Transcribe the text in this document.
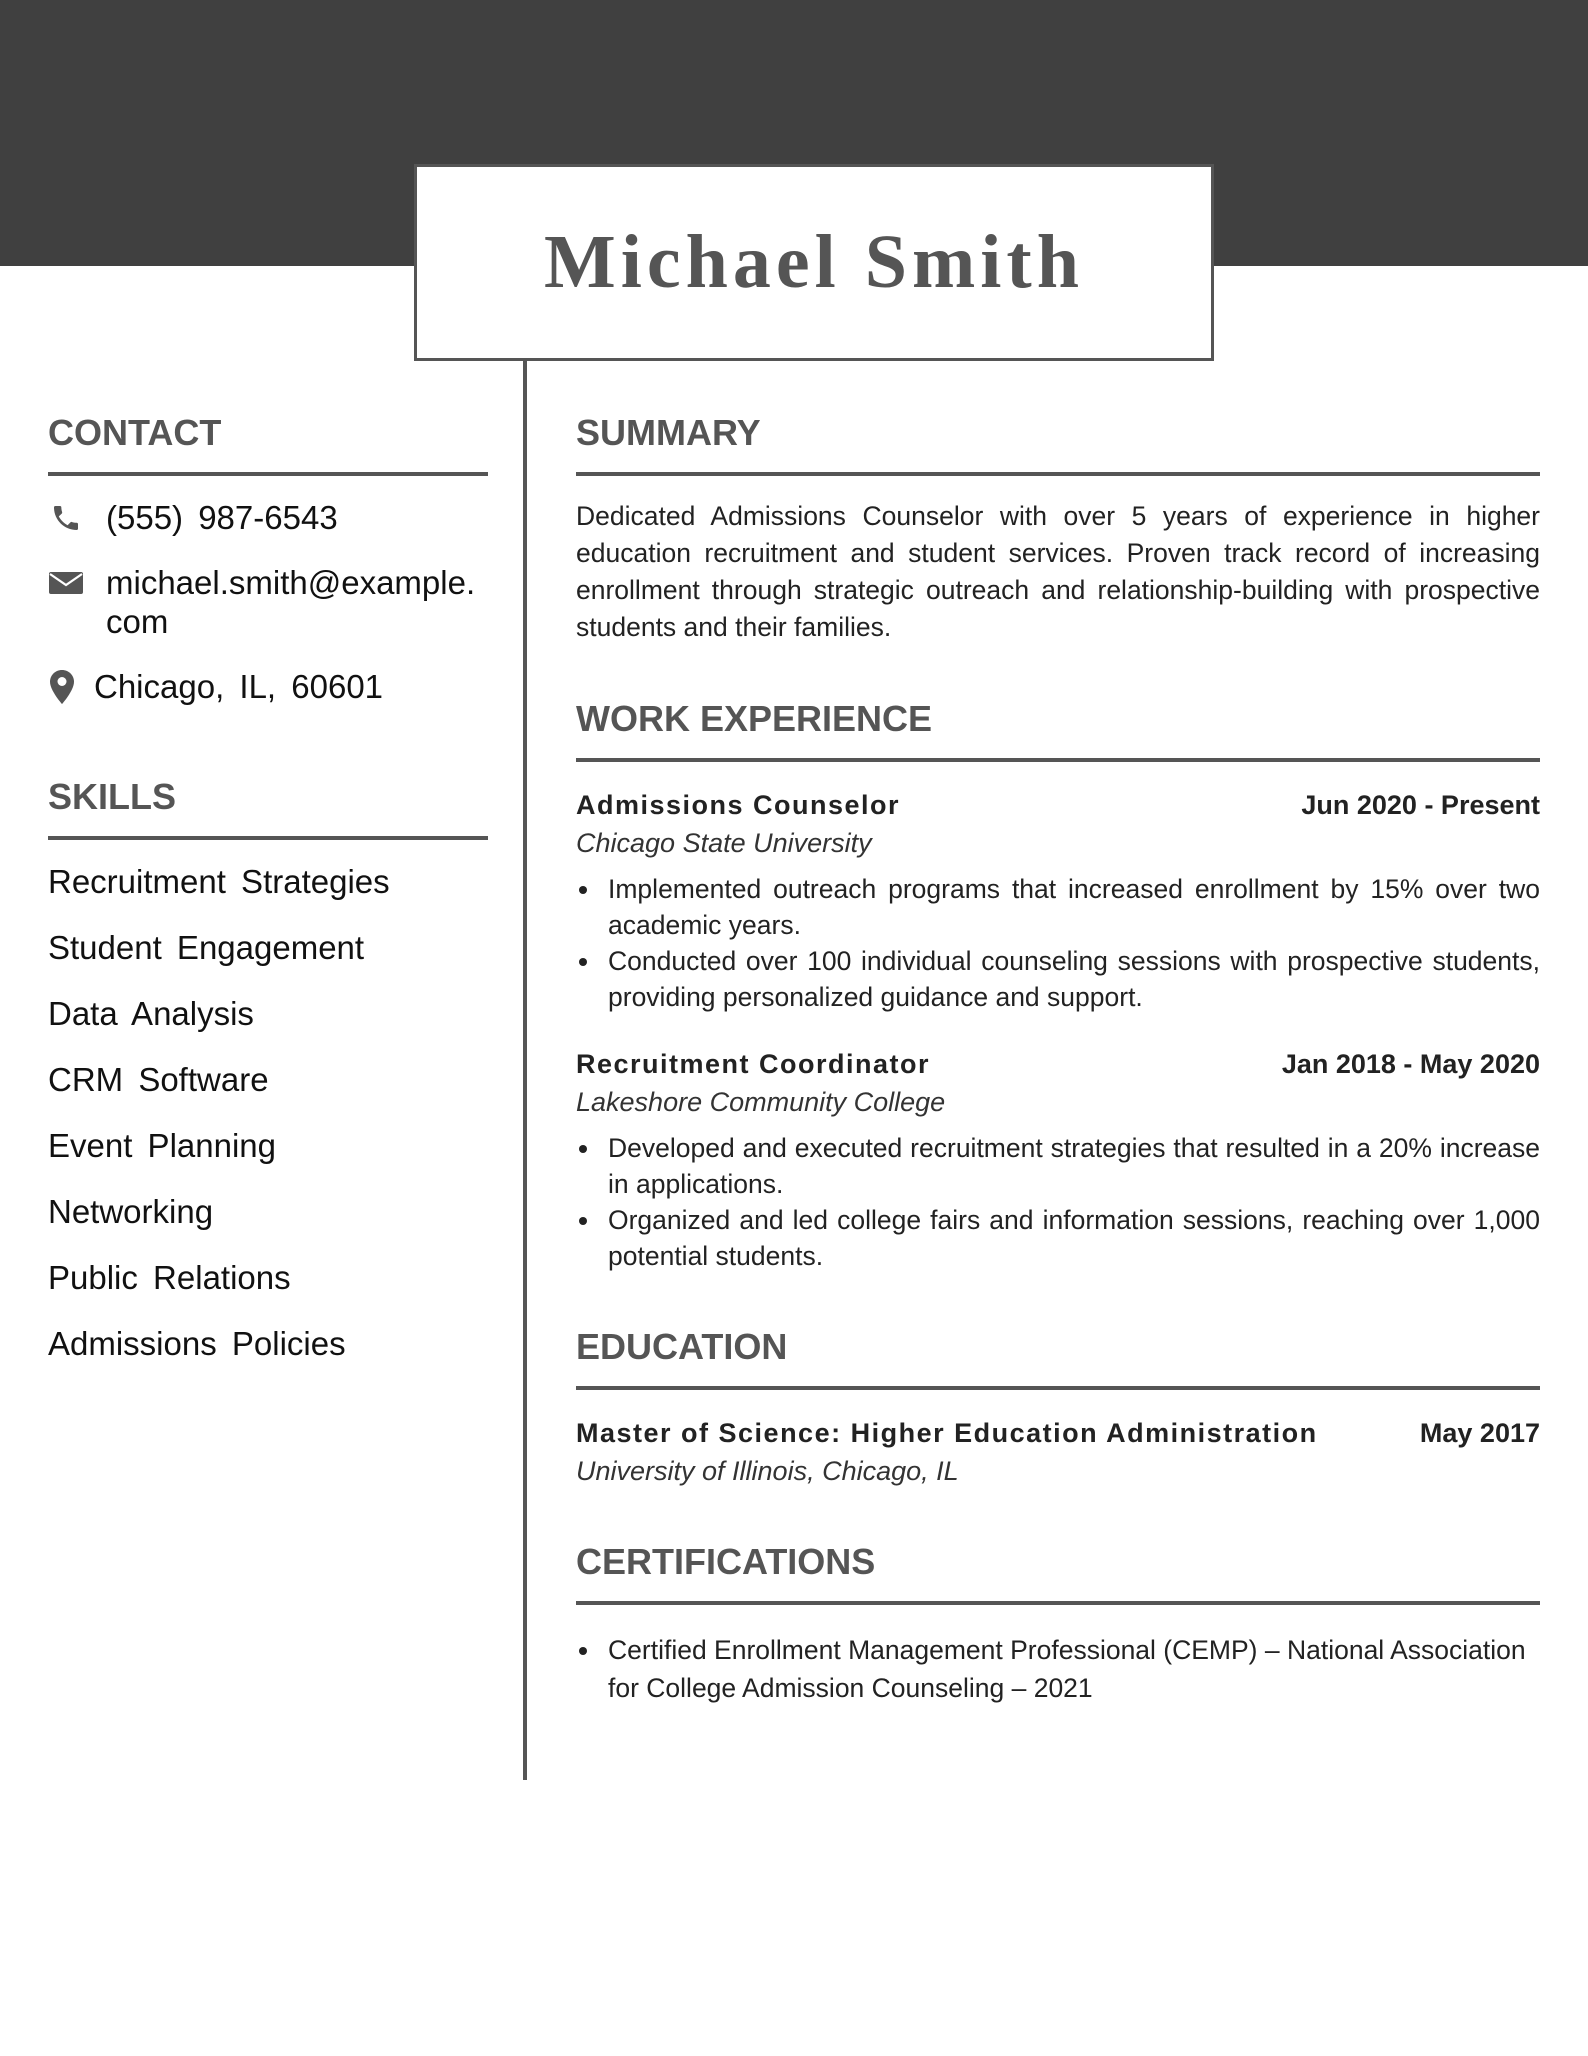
Michael Smith
CONTACT
(555) 987-6543
michael.smith@example.
com
Chicago, IL, 60601
SKILLS
Recruitment Strategies
Student Engagement
Data Analysis
CRM Software
Event Planning
Networking
Public Relations
Admissions Policies
SUMMARY

Dedicated Admissions Counselor with over 5 years of experience in higher education recruitment and student services. Proven track record of increasing enrollment through strategic outreach and relationship-building with prospective students and their families.

WORK EXPERIENCE
Admissions Counselor	Jun 2020 - Present
Chicago State University
Implemented outreach programs that increased enrollment by 15% over two academic years.
Conducted over 100 individual counseling sessions with prospective students, providing personalized guidance and support.
Recruitment Coordinator	Jan 2018 - May 2020
Lakeshore Community College
Developed and executed recruitment strategies that resulted in a 20% increase in applications.
Organized and led college fairs and information sessions, reaching over 1,000 potential students.
EDUCATION
Master of Science: Higher Education Administration	May 2017
University of Illinois, Chicago, IL
CERTIFICATIONS
Certified Enrollment Management Professional (CEMP) – National Association for College Admission Counseling – 2021
